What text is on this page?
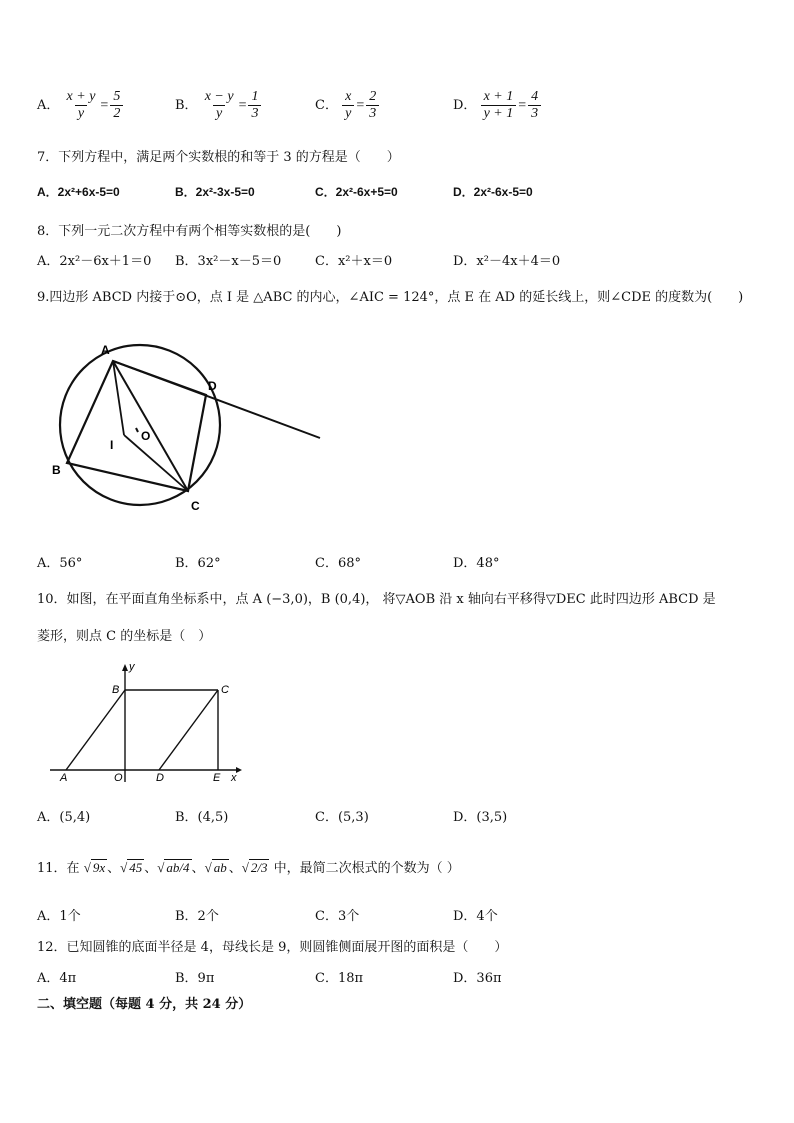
A． $\frac{x + y}{y} = \frac{5}{2}$	B． $\frac{x - y}{y} = \frac{1}{3}$	C． $\frac{x}{y} = \frac{2}{3}$	D． $\frac{x + 1}{y + 1} = \frac{4}{3}$
7．下列方程中，满足两个实数根的和等于 3 的方程是（　　）
A．2x²+6x-5=0	B．2x²-3x-5=0	C．2x²-6x+5=0	D．2x²-6x-5=0
8．下列一元二次方程中有两个相等实数根的是(　　)
A．2x²－6x＋1＝0 B．3x²－x－5＝0	C．x²＋x＝0	D．x²－4x＋4＝0
9.四边形 ABCD 内接于⊙O，点 I 是 △ABC 的内心，∠AIC = 124°，点 E 在 AD 的延长线上，则∠CDE 的度数为(　　)
A
B
C
D
I
O
A．56°	B．62°	C．68°	D．48°
10．如图，在平面直角坐标系中，点 A (−3,0)，B (0,4)， 将▽AOB 沿 x 轴向右平移得▽DEC 此时四边形 ABCD 是
菱形，则点 C 的坐标是（　）
y
x
B	C
A	O	D	E
A．(5,4)	B．(4,5)	C．(5,3)	D．(3,5)
11．在 √ 9x 、√ 45 、√ ab/4 、√ ab 、√ 2/3 中，最简二次根式的个数为（ ）
A．1个	B．2个	C．3个	D．4个
12．已知圆锥的底面半径是 4，母线长是 9，则圆锥侧面展开图的面积是（　　）
A．4π	B．9π	C．18π	D．36π
二、填空题（每题 4 分，共 24 分）
